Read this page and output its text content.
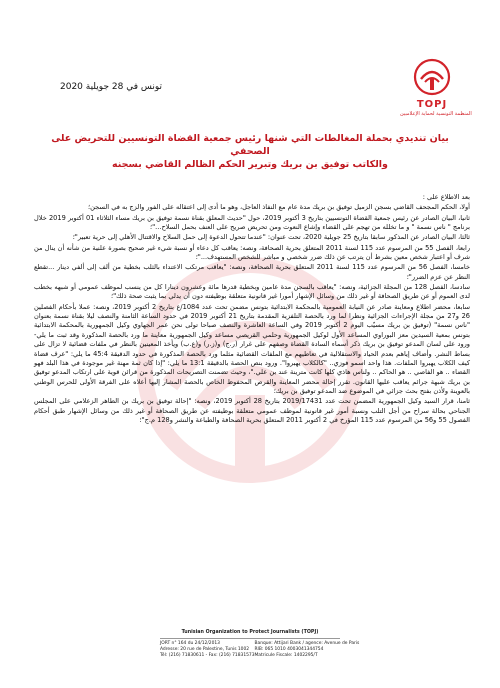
TOPJ
المنظمة التونسية لحماية الإعلاميين
تونس في 28 جويلية 2020
بيان تنديدي بحملة المغالطات التي شنها رئيس جمعية القضاة التونسيين للتحريض على الصحفي
والكاتب توفيق بن بريك وتبرير الحكم الظالم القاضي بسجنه

بعد الاطلاع على :

أولا، الحكم المجحف القاضي بسجن الزميل توفيق بن بريك مدة عام مع النفاذ العاجل، وهو ما أدى إلى اعتقاله على الفور والزج به في السجن؛

ثانيا، البيان الصادر عن رئيس جمعية القضاة التونسيين بتاريخ 3 أكتوبر 2019، حول "حديث المعلق بقناة نسمة توفيق بن بريك مساء الثلاثاء 01 أكتوبر 2019 خلال برنامج " ناس نسمة " و ما تخلله من تهجم على القضاء وإشاع النعوت ومن تحريض صريح على العنف بحمل السلاح..."؛

ثالثا، البيان الصادر عن المذكور سابقا بتاريخ 25 جويلية 2020، تحت عنوان: "عندما تتحول الدعوة إلى حمل السلاح والاقتتال الأهلي إلى حرية تعبير"؛

رابعا، الفصل 55 من المرسوم عدد 115 لسنة 2011 المتعلق بحرية الصحافة، ونصه: يعاقب كل دعاء أو نسبة شيء غير صحيح بصورة علنية من شأنه أن ينال من شرف أو اعتبار شخص معين بشرط أن يترتب عن ذلك ضرر شخصي و مباشر للشخص المستهدف..."؛

خامسا، الفصل 56 من المرسوم عدد 115 لسنة 2011 المتعلق بحرية الصحافة، ونصه: "يعاقب مرتكب الاعتداء بالثلب بخطية من ألف إلى ألفي دينار ...تقطع النظر عن عزم الضرر"؛

سادسا، الفصل 128 من المجلة الجزائية، ونصه: "يعاقب بالسجن مدة عامين وبخطية قدرها مائة وعشرون دينارا كل من ينسب لموظف عمومي أو شبهه بخطب لدى العموم أو عن طريق الصحافة أو غير ذلك من وسائل الإشهار أمورا غير قانونية متعلقة بوظيفته دون أن يدلي بما يثبت صحة ذلك"؛

سابعا، محضر اطلاع ومعاينة صادر عن النيابة العمومية بالمحكمة الابتدائية بتونس مضمن تحت عدد 1084/ع بتاريخ 2 أكتوبر 2019، ونصه: عملا بأحكام الفصلين 26 و27 من مجلة الإجراءات الجزائية ونظرا لما ورد بالحصة التلفزية المقدمة بتاريخ 21 أكتوبر 2019 في حدود الساعة الثامنة والنصف ليلا بقناة نسمة بعنوان "ناس نسمة" (توفيق بن بريك مسيّب اليوم 2 أكتوبر 2019 وفي الساعة العاشرة والنصف صباحا تولى نحن عمر الجهاوي وكيل الجمهورية بالمحكمة الابتدائية بتونس بمعية السيدين معز البوراوي المساعد الأول لوكيل الجمهورية وحلمي القريصي مساعد وكيل الجمهورية معاينة ما ورد بالحصة المذكورة وقد ثبت ما يلي- ورود على لسان المدعو توفيق بن بريك ذكر أسماء السادة القضاة وصفهم على غرار (ر.ج) و(ز.ر) و(ع.ب) ويأخذ المعينين بالنظر في ملفات قضائية لا تزال على بساط النشر. وأضاف إياهم بعدم الحياد والاستقلالية في تعاطيهم مع الملفات القضائية مثلما ورد بالحصة المذكورة في حدود الدقيقة 45:4 ما يلي: "عرف قضاة كيف الكلاب يهبروا الملفات. هذا واحد اسمو فوزي.. "كالكلاب يهبروا". ورود بنص الحصة بالدقيقة 13:1 ما يلي: "إذا كان ثمة مهنة غير موجودة في هذا البلد فهو القضاء .. هو الفاصي .. هو الحاكم .. ولناس هاذي كلها كانت مترينة عند بن علي."، وحيث تضمنت التصريحات المذكورة من قرائن قوية على ارتكاب المدعو توفيق بن بريك شبهة جرائم يعاقب عليها القانون. تقرر إحالة محضر المعاينة والقرص المحفوظ الخاص بالحصة المشار إليها أعلاه على الفرقة الأولى للحرس الوطني بالعوينة ولأذن بفتح بحث جزائي في الموضوع ضد المدعو توفيق بن بريك؛

ثامنا، قرار السيد وكيل الجمهورية المضمن تحت عدد 2019/17431 بتاريخ 28 أكتوبر 2019، ونصه: "إحالة توفيق بن بريك بن الطاهر الزعلامي على المجلس الجناحي بحالة سراح من أجل التلب ونسبة أمور غير قانونية لموظف عمومي متعلقة بوظيفته عن طريق الصحافة أو غير ذلك من وسائل الإشهار طبق أحكام الفصول 55 و56 من المرسوم عدد 115 المؤرخ في 2 أكتوبر 2011 المتعلق بحرية الصحافة والطباعة والنشر و128 م.ج"؛

Tunisian Organization to Protect Journalists (TOPJ)
JORT n° 164 du 24/12/2013
Adresse: 20 rue de Palestine, Tunis 1002
Tél: (216) 71830611 - Fax: (216) 71831573
Banque: Attijari Bank / agence: Avenue de Paris
RIB: 065 1010 4003041344754
Matricule Fiscale: 1402295/T
